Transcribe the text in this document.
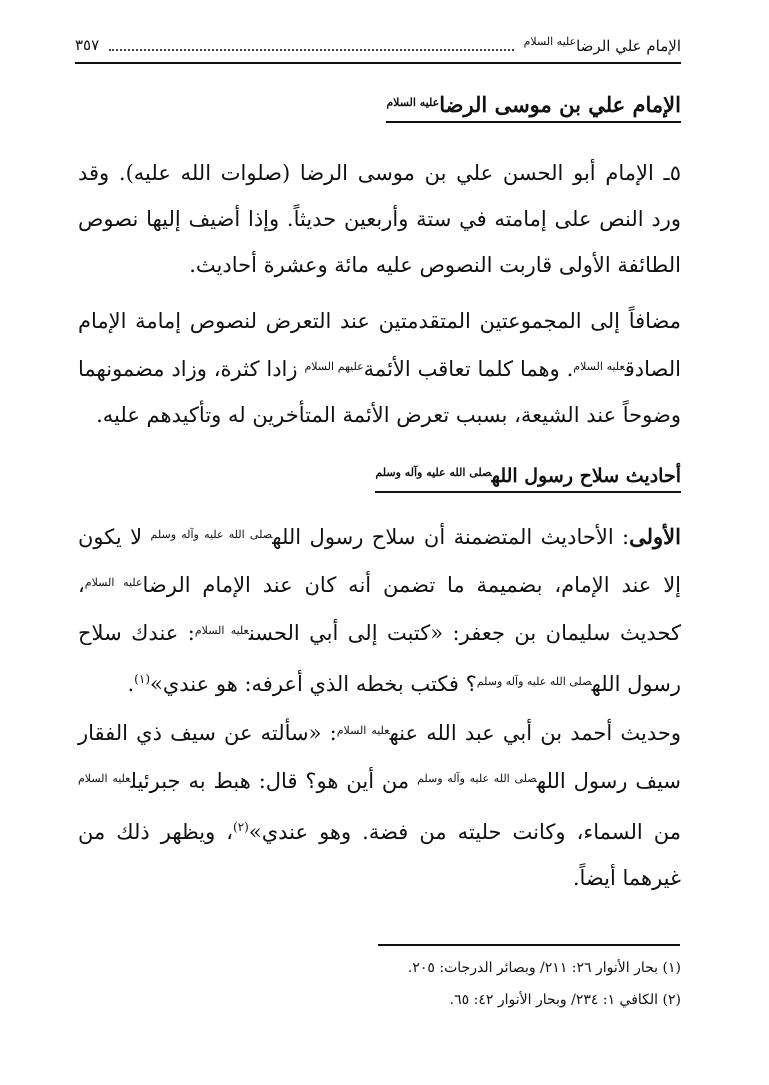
الإمام علي الرضا$^{عليه السلام}$
٣٥٧
الإمام علي بن موسى الرضا$^{عليه السلام}$

٥ـ الإمام أبو الحسن علي بن موسى الرضا (صلوات الله عليه). وقد ورد النص على إمامته في ستة وأربعين حديثاً. وإذا أضيف إليها نصوص الطائفة الأولى قاربت النصوص عليه مائة وعشرة أحاديث.

مضافاً إلى المجموعتين المتقدمتين عند التعرض لنصوص إمامة الإمام الصادق$^{عليه السلام}$. وهما كلما تعاقب الأئمة$^{عليهم السلام}$ زادا كثرة، وزاد مضمونهما وضوحاً عند الشيعة، بسبب تعرض الأئمة المتأخرين له وتأكيدهم عليه.

أحاديث سلاح رسول الله$^{صلى الله عليه وآله وسلم}$

الأولى: الأحاديث المتضمنة أن سلاح رسول الله$^{صلى الله عليه وآله وسلم}$ لا يكون إلا عند الإمام، بضميمة ما تضمن أنه كان عند الإمام الرضا$^{عليه السلام}$، كحديث سليمان بن جعفر: «كتبت إلى أبي الحسن$^{عليه السلام}$: عندك سلاح رسول الله$^{صلى الله عليه وآله وسلم}$؟ فكتب بخطه الذي أعرفه: هو عندي»$^{(١)}$.

وحديث أحمد بن أبي عبد الله عنه$^{عليه السلام}$: «سألته عن سيف ذي الفقار سيف رسول الله$^{صلى الله عليه وآله وسلم}$ من أين هو؟ قال: هبط به جبرئيل$^{عليه السلام}$ من السماء، وكانت حليته من فضة. وهو عندي»$^{(٢)}$، ويظهر ذلك من غيرهما أيضاً.

(١) بحار الأنوار ٢٦: ٢١١/ وبصائر الدرجات: ٢٠٥.
(٢) الكافي ١: ٢٣٤/ وبحار الأنوار ٤٢: ٦٥.
